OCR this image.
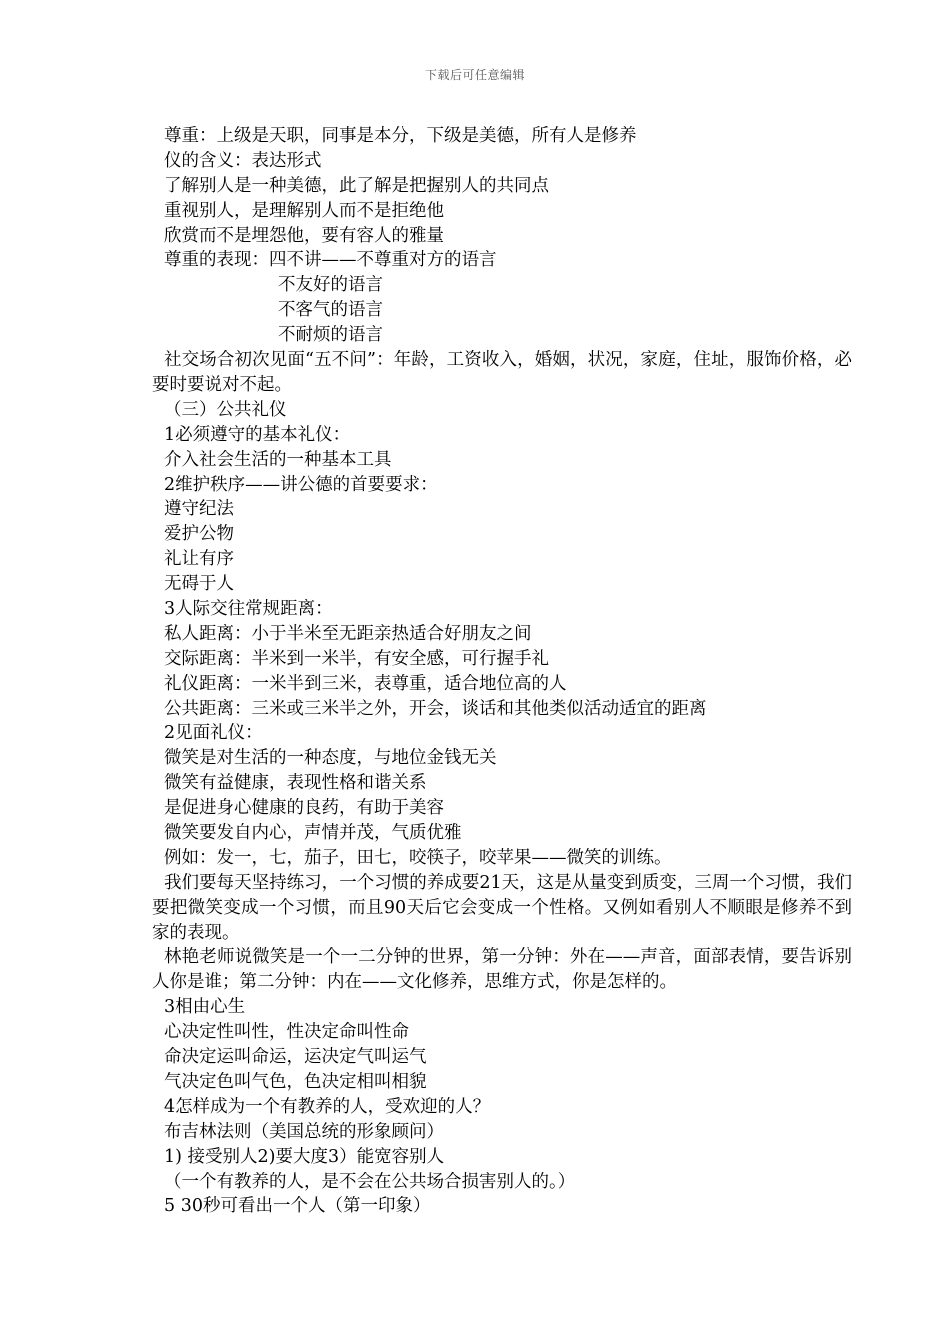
下载后可任意编辑
尊重：上级是天职，同事是本分，下级是美德，所有人是修养
仪的含义：表达形式
了解别人是一种美德，此了解是把握别人的共同点
重视别人，是理解别人而不是拒绝他
欣赏而不是埋怨他，要有容人的雅量
尊重的表现：四不讲——不尊重对方的语言
不友好的语言
不客气的语言
不耐烦的语言
社交场合初次见面“五不问”：年龄，工资收入，婚姻，状况，家庭，住址，服饰价格，必要时要说对不起。
（三）公共礼仪
1必须遵守的基本礼仪：
介入社会生活的一种基本工具
2维护秩序——讲公德的首要要求：
遵守纪法
爱护公物
礼让有序
无碍于人
3人际交往常规距离：
私人距离：小于半米至无距亲热适合好朋友之间
交际距离：半米到一米半，有安全感，可行握手礼
礼仪距离：一米半到三米，表尊重，适合地位高的人
公共距离：三米或三米半之外，开会，谈话和其他类似活动适宜的距离
2见面礼仪：
微笑是对生活的一种态度，与地位金钱无关
微笑有益健康，表现性格和谐关系
是促进身心健康的良药，有助于美容
微笑要发自内心，声情并茂，气质优雅
例如：发一，七，茄子，田七，咬筷子，咬苹果——微笑的训练。
我们要每天坚持练习，一个习惯的养成要21天，这是从量变到质变，三周一个习惯，我们要把微笑变成一个习惯，而且90天后它会变成一个性格。又例如看别人不顺眼是修养不到家的表现。
林艳老师说微笑是一个一二分钟的世界，第一分钟：外在——声音，面部表情，要告诉别人你是谁；第二分钟：内在——文化修养，思维方式，你是怎样的。
3相由心生
心决定性叫性，性决定命叫性命
命决定运叫命运，运决定气叫运气
气决定色叫气色，色决定相叫相貌
4怎样成为一个有教养的人，受欢迎的人？
布吉林法则（美国总统的形象顾问）
1) 接受别人2)要大度3）能宽容别人
（一个有教养的人，是不会在公共场合损害别人的。）
5 30秒可看出一个人（第一印象）
